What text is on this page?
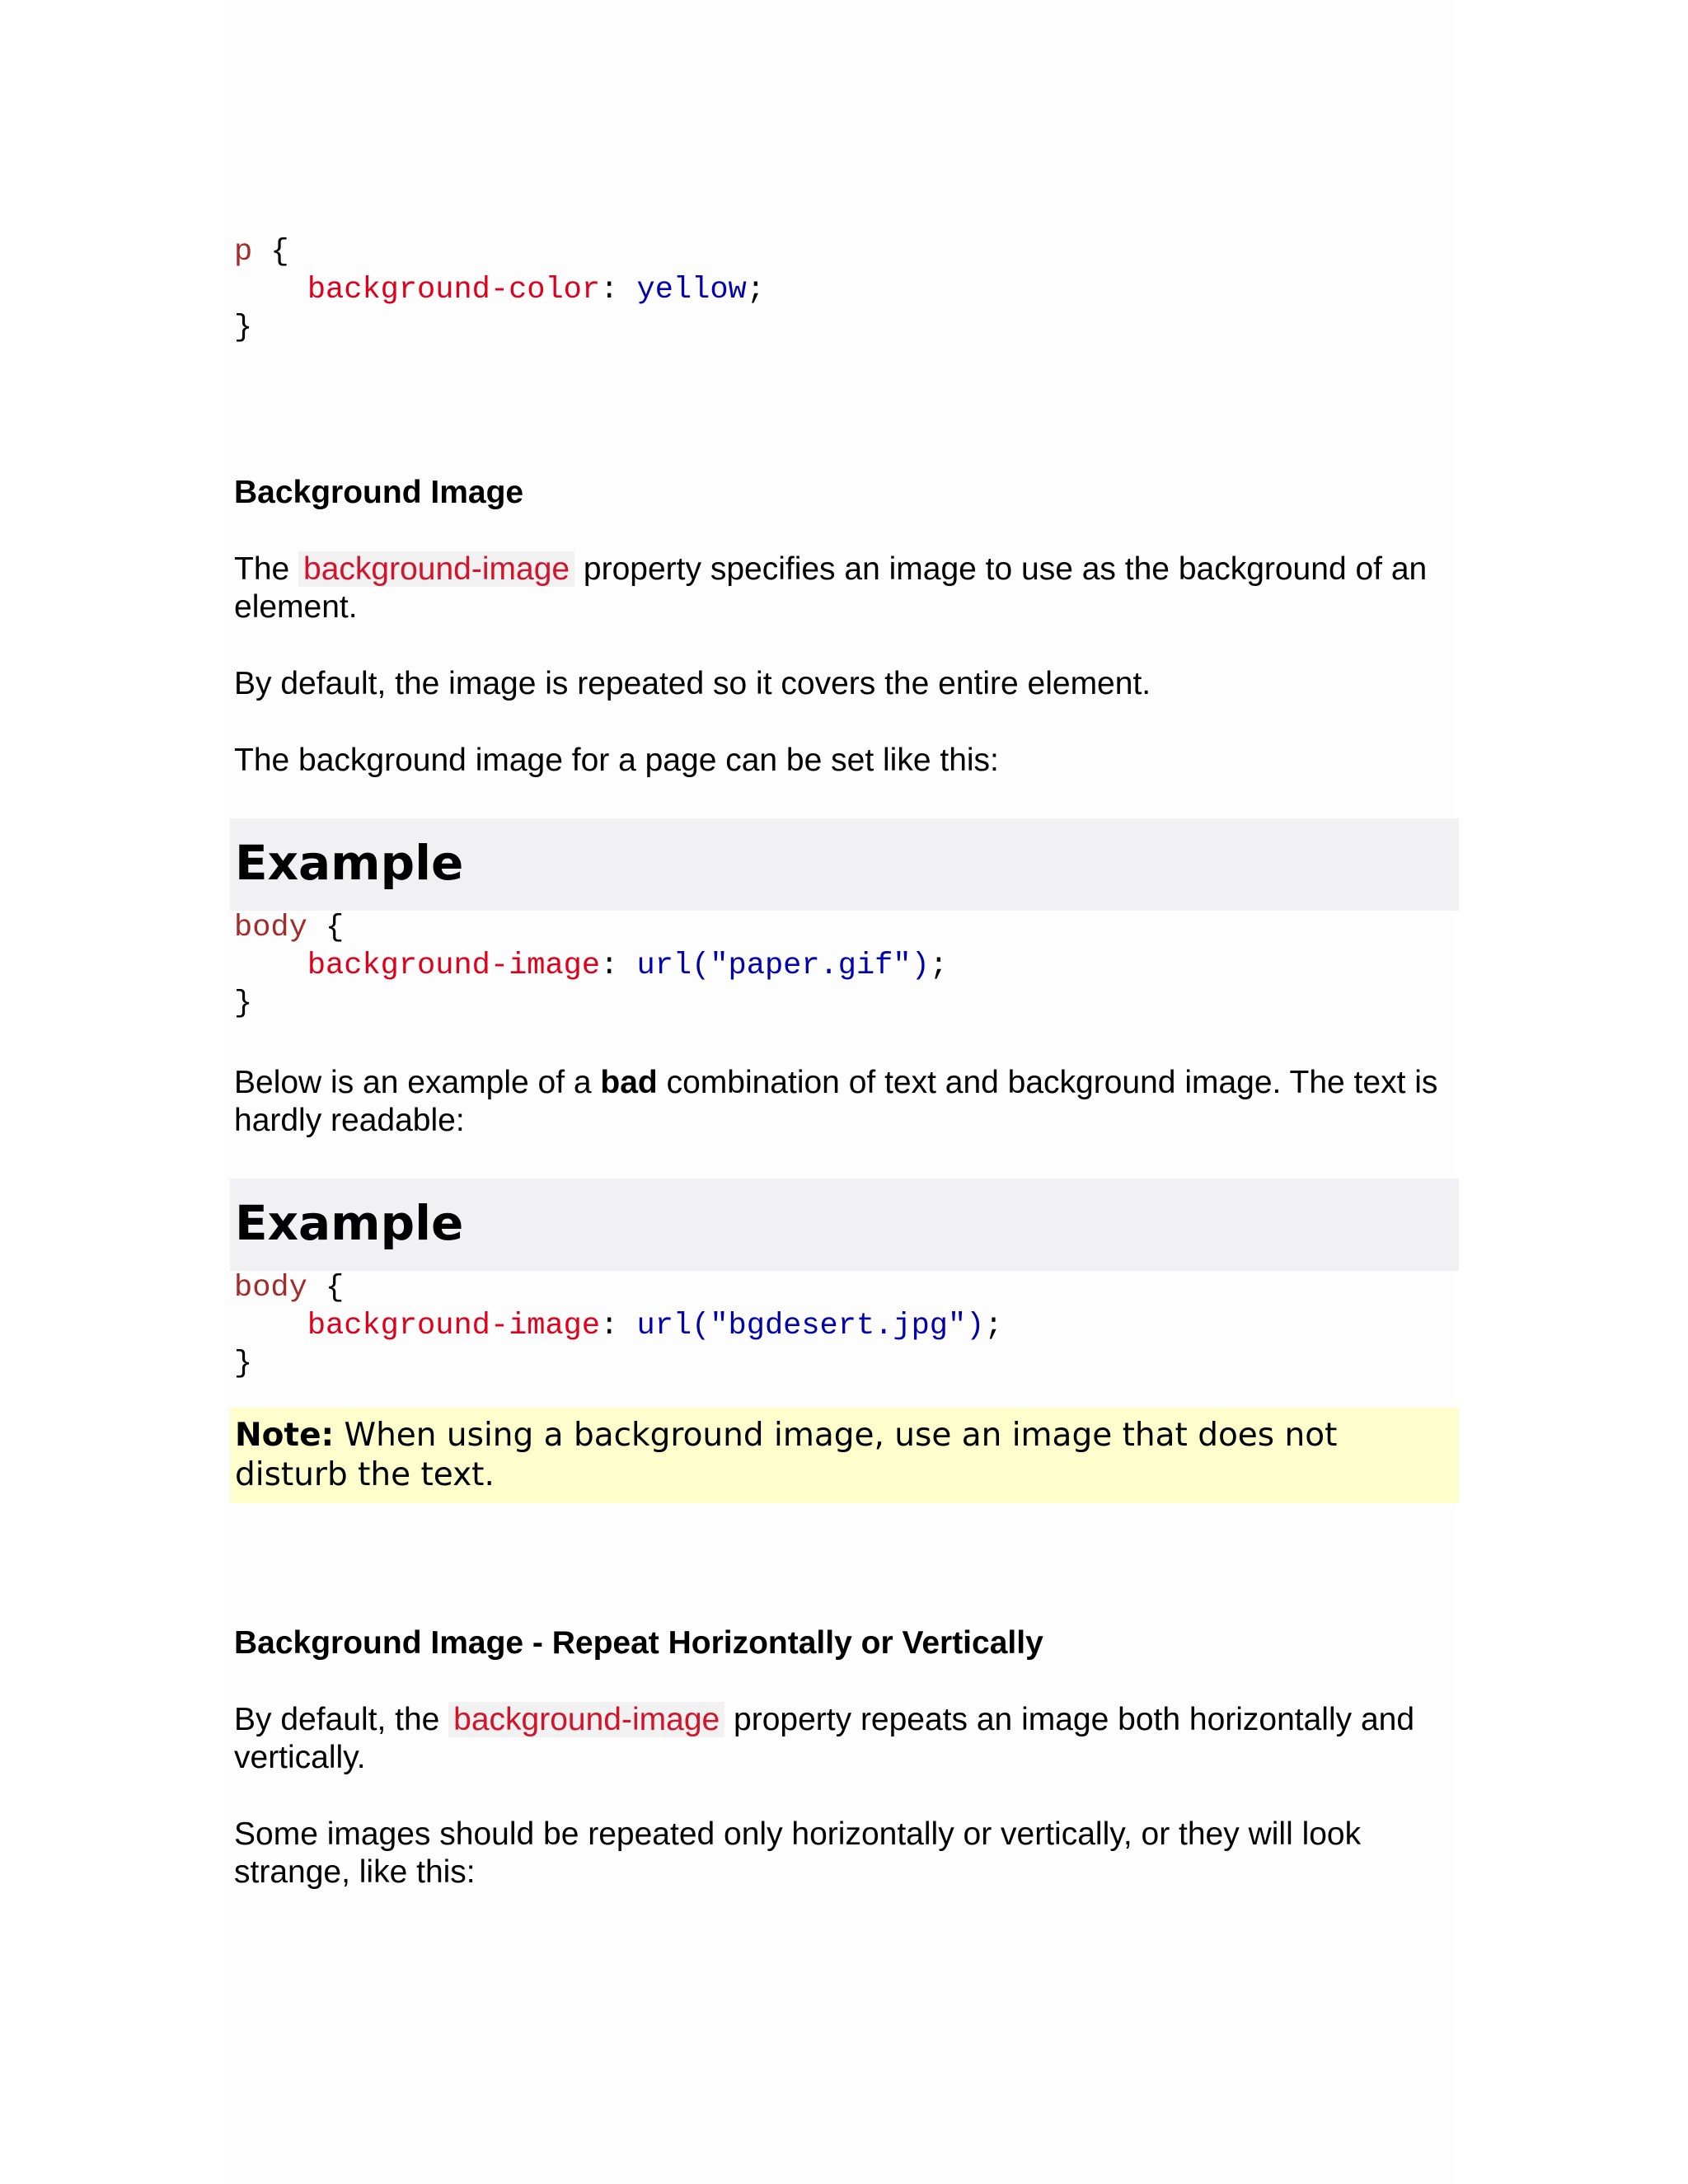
p {
background-color: yellow;
}
Background Image
The background-image property specifies an image to use as the background of an element.
By default, the image is repeated so it covers the entire element.
The background image for a page can be set like this:
Example
body {
background-image: url("paper.gif");
}
Below is an example of a bad combination of text and background image. The text is hardly readable:
Example
body {
background-image: url("bgdesert.jpg");
}
Note: When using a background image, use an image that does not disturb the text.
Background Image - Repeat Horizontally or Vertically
By default, the background-image property repeats an image both horizontally and vertically.
Some images should be repeated only horizontally or vertically, or they will look strange, like this:
